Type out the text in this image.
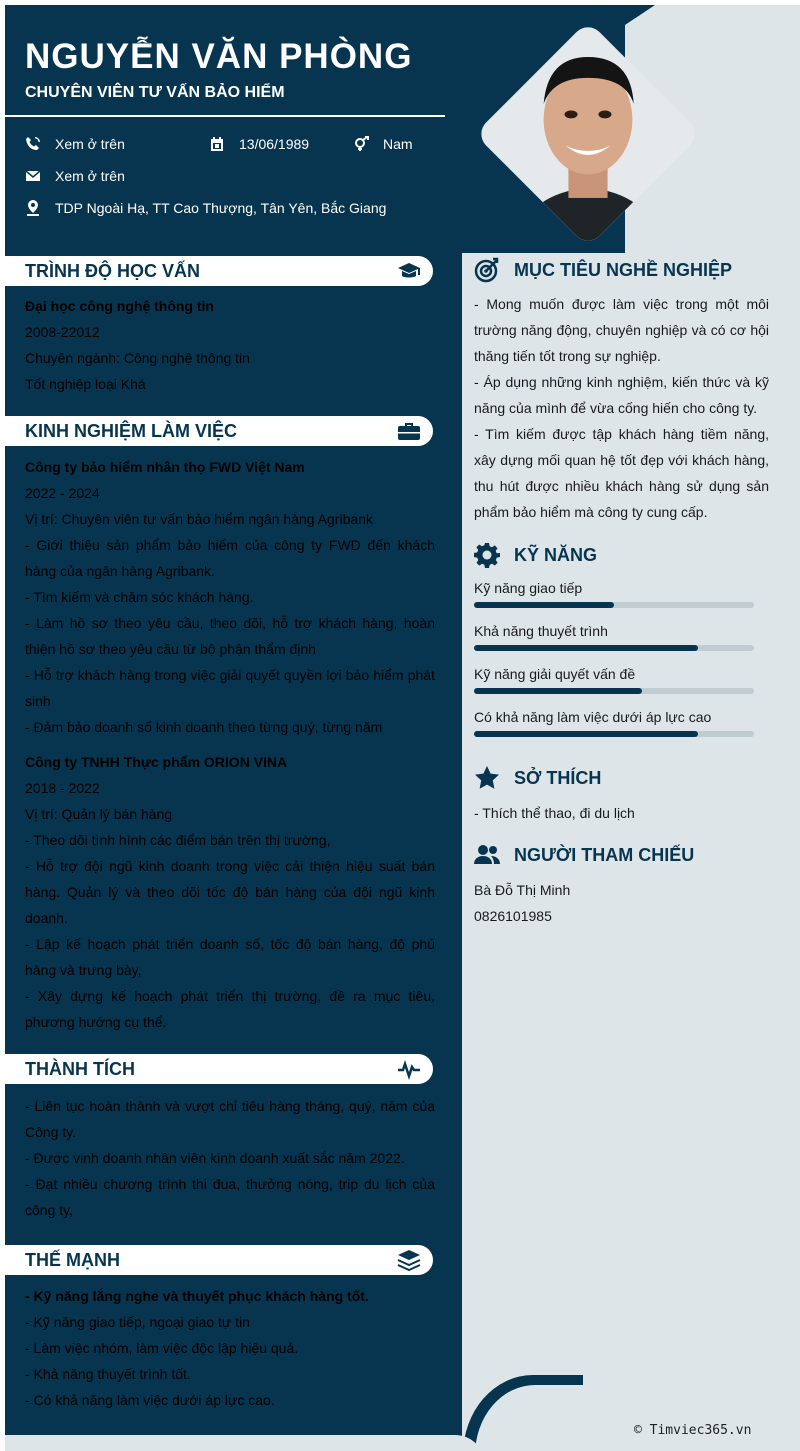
NGUYỄN VĂN PHÒNG
CHUYÊN VIÊN TƯ VẤN BẢO HIỂM
Xem ở trên	13/06/1989	Nam
Xem ở trên
TDP Ngoài Hạ, TT Cao Thượng, Tân Yên, Bắc Giang
TRÌNH ĐỘ HỌC VẤN

Đại học công nghệ thông tin

2008-22012

Chuyên ngành: Công nghệ thông tin

Tốt nghiệp loại Khá

KINH NGHIỆM LÀM VIỆC

Công ty bảo hiểm nhân thọ FWD Việt Nam

2022 - 2024

Vị trí: Chuyên viên tư vấn bảo hiểm ngân hàng Agribank

- Giới thiệu sản phẩm bảo hiểm của công ty FWD đến khách hàng của ngân hàng Agribank.

- Tìm kiếm và chăm sóc khách hàng.

- Làm hồ sơ theo yêu cầu, theo dõi, hỗ trợ khách hàng, hoàn thiện hồ sơ theo yêu cầu từ bộ phận thẩm định

- Hỗ trợ khách hàng trong việc giải quyết quyền lợi bảo hiểm phát sinh

- Đảm bảo doanh số kinh doanh theo từng quý, từng năm

Công ty TNHH Thực phẩm ORION VINA

2018 - 2022

Vị trí: Quản lý bán hàng

- Theo dõi tình hình các điểm bán trên thị trường,

- Hỗ trợ đội ngũ kinh doanh trong việc cải thiện hiệu suất bán hàng. Quản lý và theo dõi tốc độ bán hàng của đội ngũ kinh doanh.

- Lập kế hoạch phát triển doanh số, tốc độ bán hàng, độ phủ hàng và trưng bày,

- Xây dựng kế hoạch phát triển thị trường, đề ra mục tiêu, phương hướng cụ thể.

THÀNH TÍCH

- Liên tục hoàn thành và vượt chỉ tiêu hàng tháng, quý, năm của Công ty.

- Được vinh doanh nhân viên kinh doanh xuất sắc năm 2022.

- Đạt nhiều chương trình thi đua, thưởng nóng, trip du lịch của công ty,

THẾ MẠNH

- Kỹ năng lắng nghe và thuyết phục khách hàng tốt.

- Kỹ năng giao tiếp, ngoại giao tự tin

- Làm việc nhóm, làm việc độc lập hiệu quả.

- Khả năng thuyết trình tốt.

- Có khả năng làm việc dưới áp lực cao.

MỤC TIÊU NGHỀ NGHIỆP

- Mong muốn được làm việc trong một môi trường năng động, chuyên nghiệp và có cơ hội thăng tiến tốt trong sự nghiệp.

- Áp dụng những kinh nghiệm, kiến thức và kỹ năng của mình để vừa cống hiến cho công ty.

- Tìm kiếm được tập khách hàng tiềm năng, xây dựng mối quan hệ tốt đẹp với khách hàng, thu hút được nhiều khách hàng sử dụng sản phẩm bảo hiểm mà công ty cung cấp.

KỸ NĂNG
Kỹ năng giao tiếp
Khả năng thuyết trình
Kỹ năng giải quyết vấn đề
Có khả năng làm việc dưới áp lực cao
SỞ THÍCH

- Thích thể thao, đi du lịch

NGƯỜI THAM CHIẾU

Bà Đỗ Thị Minh

0826101985

© Timviec365.vn
